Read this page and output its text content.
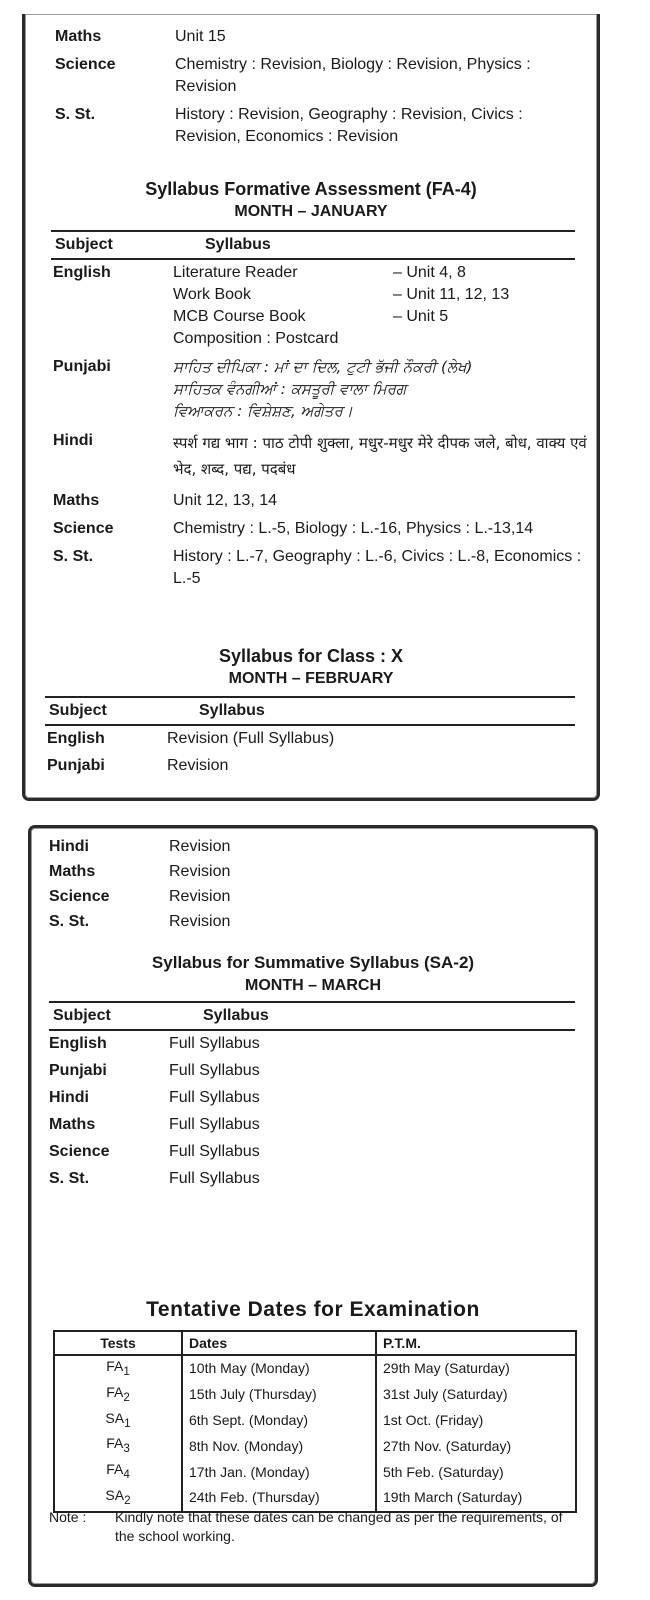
Maths	Unit 15
Science	Chemistry : Revision, Biology : Revision, Physics : Revision
S. St.	History : Revision, Geography : Revision, Civics : Revision, Economics : Revision
Syllabus Formative Assessment (FA-4)
MONTH – JANUARY
Subject	Syllabus
English	Literature Reader	– Unit 4, 8
Work Book	– Unit 11, 12, 13
MCB Course Book	– Unit 5
Composition : Postcard
Punjabi	ਸਾਹਿਤ ਦੀਪਿਕਾ : ਮਾਂ ਦਾ ਦਿਲ, ਟੁਟੀ ਭੱਜੀ ਨੌਕਰੀ (ਲੇਖ)
ਸਾਹਿਤਕ ਵੰਨਗੀਆਂ : ਕਸਤੂਰੀ ਵਾਲਾ ਮਿਰਗ
ਵਿਆਕਰਨ : ਵਿਸ਼ੇਸ਼ਣ, ਅਗੇਤਰ।
Hindi	स्पर्श गद्य भाग : पाठ टोपी शुक्ला, मधुर-मधुर मेरे दीपक जले, बोध, वाक्य एवं भेद, शब्द, पद्य, पदबंध
Maths	Unit 12, 13, 14
Science	Chemistry : L.-5, Biology : L.-16, Physics : L.-13,14
S. St.	History : L.-7, Geography : L.-6, Civics : L.-8, Economics : L.-5
Syllabus for Class : X
MONTH – FEBRUARY
Subject	Syllabus
English	Revision (Full Syllabus)
Punjabi	Revision
Hindi	Revision
Maths	Revision
Science	Revision
S. St.	Revision
Syllabus for Summative Syllabus (SA-2)
MONTH – MARCH
Subject	Syllabus
English	Full Syllabus
Punjabi	Full Syllabus
Hindi	Full Syllabus
Maths	Full Syllabus
Science	Full Syllabus
S. St.	Full Syllabus
Tentative Dates for Examination
Tests	Dates	P.T.M.
$FA_1$	10th May (Monday)	29th May (Saturday)
$FA_2$	15th July (Thursday)	31st July (Saturday)
$SA_1$	6th Sept. (Monday)	1st Oct. (Friday)
$FA_3$	8th Nov. (Monday)	27th Nov. (Saturday)
$FA_4$	17th Jan. (Monday)	5th Feb. (Saturday)
$SA_2$	24th Feb. (Thursday)	19th March (Saturday)
Note :	Kindly note that these dates can be changed as per the requirements, of the school working.
